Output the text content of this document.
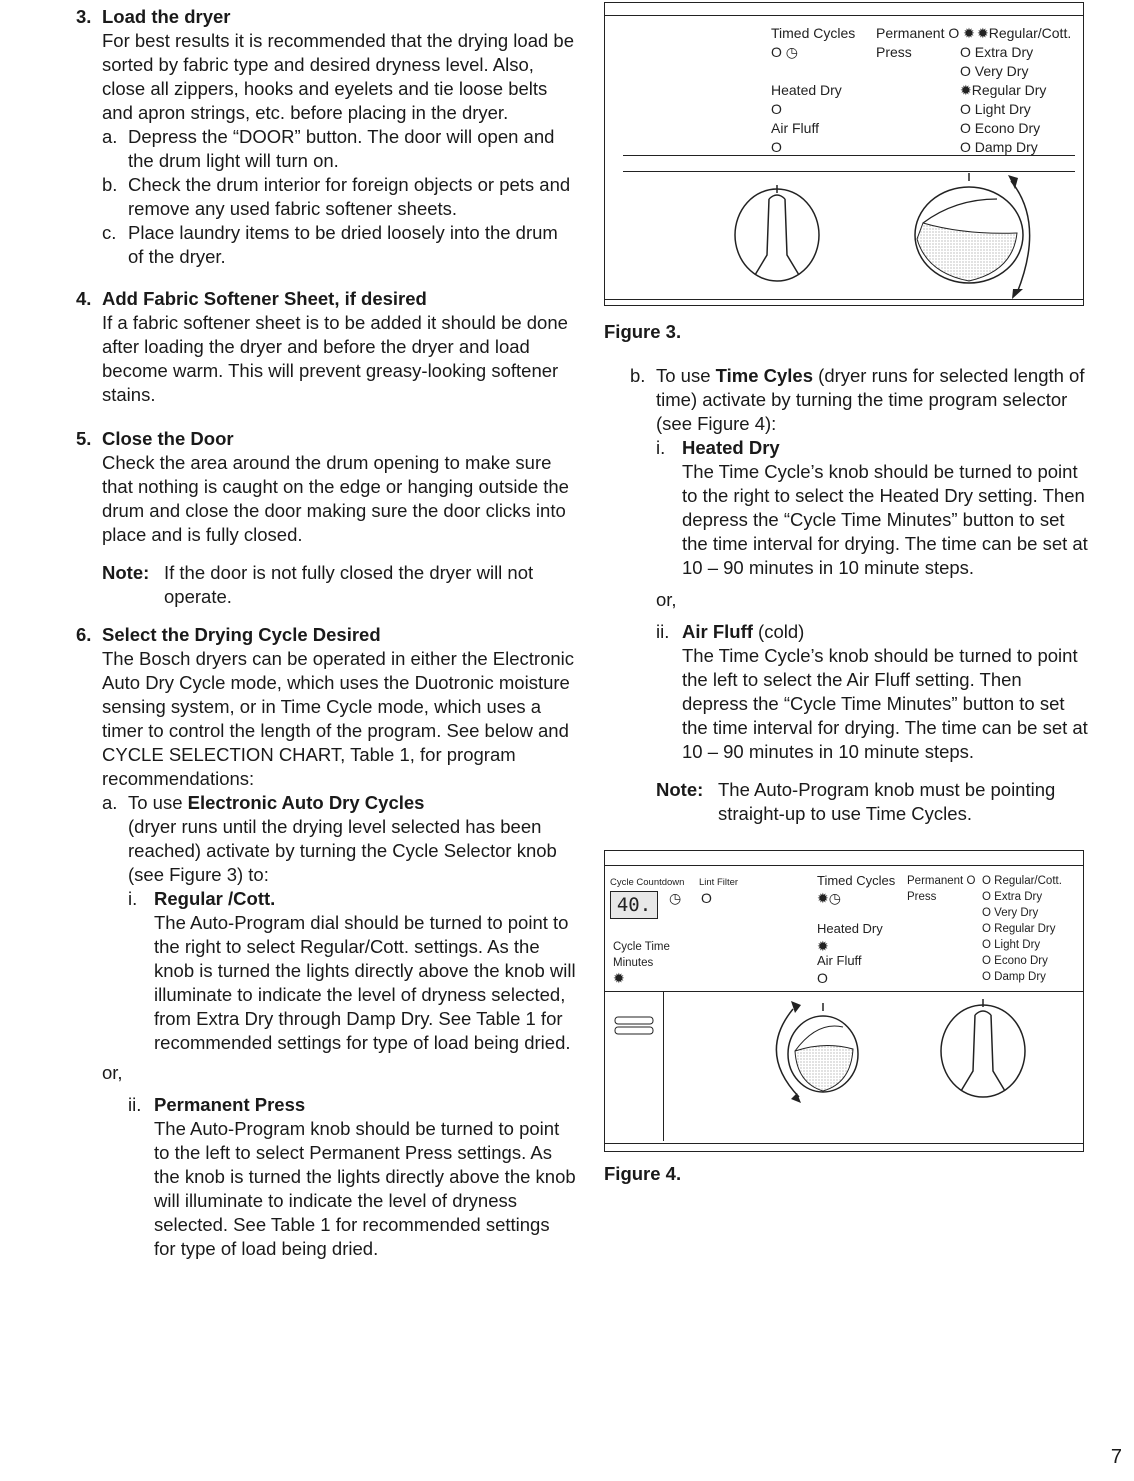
3. Load the dryer
For best results it is recommended that the drying load be sorted by fabric type and desired dryness level. Also, close all zippers, hooks and eyelets and tie loose belts and apron strings, etc. before placing in the dryer.
a. Depress the “DOOR” button. The door will open and the drum light will turn on.
b. Check the drum interior for foreign objects or pets and remove any used fabric softener sheets.
c. Place laundry items to be dried loosely into the drum of the dryer.
4. Add Fabric Softener Sheet, if desired
If a fabric softener sheet is to be added it should be done after loading the dryer and before the dryer and load become warm. This will prevent greasy-looking softener stains.
5. Close the Door
Check the area around the drum opening to make sure that nothing is caught on the edge or hanging outside the drum and close the door making sure the door clicks into place and is fully closed.
Note: If the door is not fully closed the dryer will not operate.
6. Select the Drying Cycle Desired
The Bosch dryers can be operated in either the Electronic Auto Dry Cycle mode, which uses the Duotronic moisture sensing system, or in Time Cycle mode, which uses a timer to control the length of the program. See below and CYCLE SELECTION CHART, Table 1, for program recommendations:
a. To use Electronic Auto Dry Cycles
(dryer runs until the drying level selected has been reached) activate by turning the Cycle Selector knob (see Figure 3) to:
i. Regular /Cott.
The Auto-Program dial should be turned to point to the right to select Regular/Cott. settings. As the knob is turned the lights directly above the knob will illuminate to indicate the level of dryness selected, from Extra Dry through Damp Dry. See Table 1 for recommended settings for type of load being dried.
or,
ii. Permanent Press
The Auto-Program knob should be turned to point to the left to select Permanent Press settings. As the knob is turned the lights directly above the knob will illuminate to indicate the level of dryness selected. See Table 1 for recommended settings for type of load being dried.
Timed Cycles
O ◷
Heated Dry
O
Air Fluff
O
Permanent O ✹
Press
✹Regular/Cott.
O Extra Dry
O Very Dry
✹Regular Dry
O Light Dry
O Econo Dry
O Damp Dry
Figure 3.
b. To use Time Cyles (dryer runs for selected length of time) activate by turning the time program selector (see Figure 4):
i. Heated Dry
The Time Cycle’s knob should be turned to point to the right to select the Heated Dry setting. Then depress the “Cycle Time Minutes” button to set the time interval for drying. The time can be set at 10 – 90 minutes in 10 minute steps.
or,
ii. Air Fluff (cold)
The Time Cycle’s knob should be turned to point the left to select the Air Fluff setting. Then depress the “Cycle Time Minutes” button to set the time interval for drying. The time can be set at 10 – 90 minutes in 10 minute steps.
Note: The Auto-Program knob must be pointing straight-up to use Time Cycles.
Cycle Countdown Lint Filter
40.	◷ O
Cycle Time
Minutes
✹
Timed Cycles
✹◷
Heated Dry
✹
Air Fluff
O
Permanent O
Press
O Regular/Cott.
O Extra Dry
O Very Dry
O Regular Dry
O Light Dry
O Econo Dry
O Damp Dry
Figure 4.
7
